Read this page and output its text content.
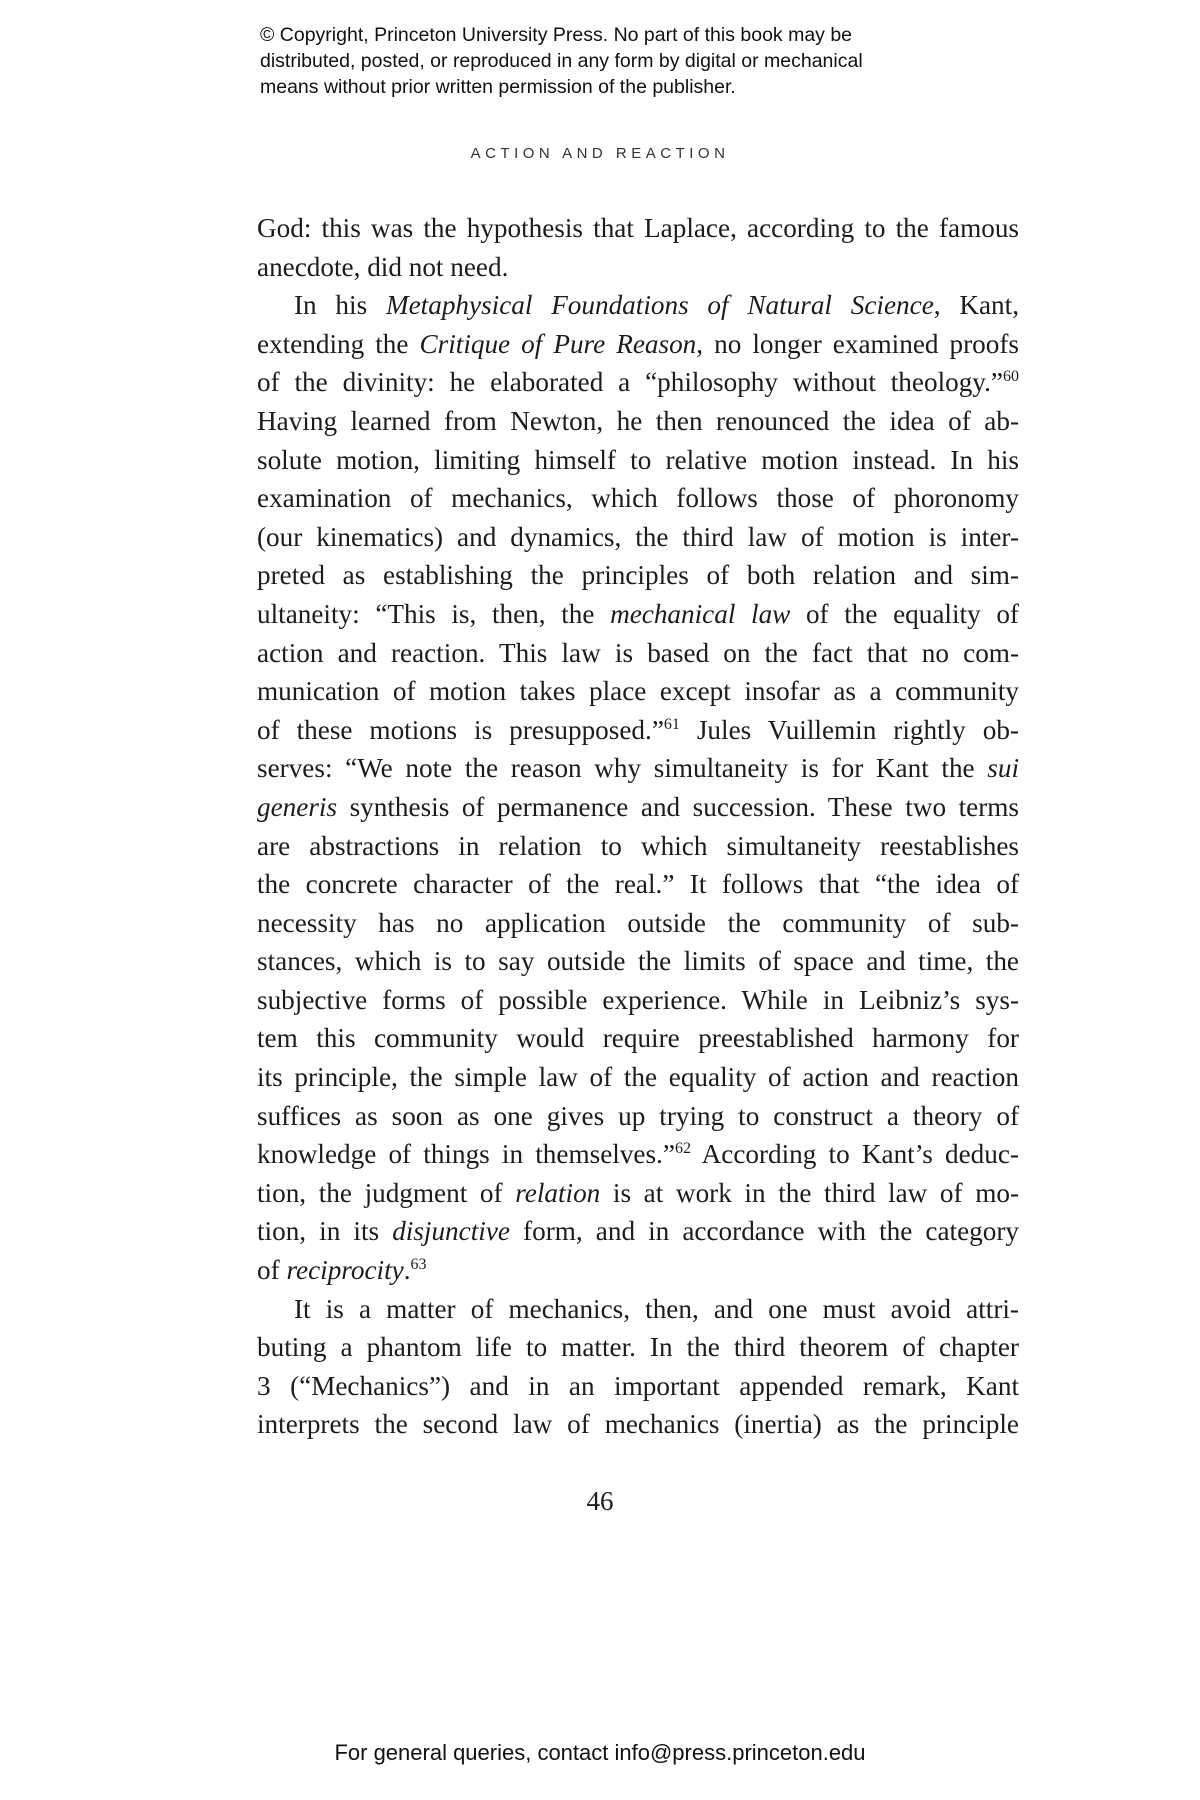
© Copyright, Princeton University Press. No part of this book may be
distributed, posted, or reproduced in any form by digital or mechanical
means without prior written permission of the publisher.
ACTION AND REACTION
God: this was the hypothesis that Laplace, according to the famous
anecdote, did not need.
In his Metaphysical Foundations of Natural Science, Kant,
extending the Critique of Pure Reason, no longer examined proofs
of the divinity: he elaborated a “philosophy without theology.”$^{60}$
Having learned from Newton, he then renounced the idea of ab-
solute motion, limiting himself to relative motion instead. In his
examination of mechanics, which follows those of phoronomy
(our kinematics) and dynamics, the third law of motion is inter-
preted as establishing the principles of both relation and sim-
ultaneity: “This is, then, the mechanical law of the equality of
action and reaction. This law is based on the fact that no com-
munication of motion takes place except insofar as a community
of these motions is presupposed.”$^{61}$ Jules Vuillemin rightly ob-
serves: “We note the reason why simultaneity is for Kant the sui
generis synthesis of permanence and succession. These two terms
are abstractions in relation to which simultaneity reestablishes
the concrete character of the real.” It follows that “the idea of
necessity has no application outside the community of sub-
stances, which is to say outside the limits of space and time, the
subjective forms of possible experience. While in Leibniz’s sys-
tem this community would require preestablished harmony for
its principle, the simple law of the equality of action and reaction
suffices as soon as one gives up trying to construct a theory of
knowledge of things in themselves.”$^{62}$ According to Kant’s deduc-
tion, the judgment of relation is at work in the third law of mo-
tion, in its disjunctive form, and in accordance with the category
of reciprocity.$^{63}$
It is a matter of mechanics, then, and one must avoid attri-
buting a phantom life to matter. In the third theorem of chapter
3 (“Mechanics”) and in an important appended remark, Kant
interprets the second law of mechanics (inertia) as the principle
46
For general queries, contact info@press.princeton.edu
